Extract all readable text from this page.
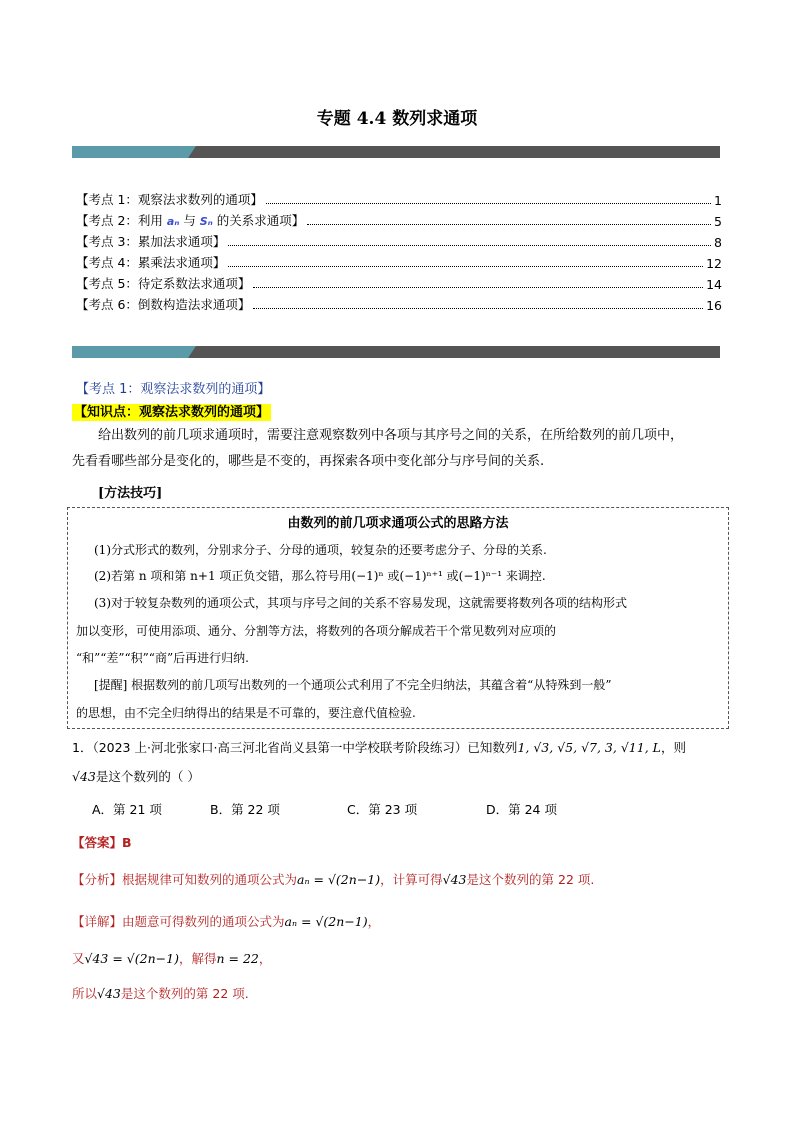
专题 4.4 数列求通项
【考点 1：观察法求数列的通项】	1
【考点 2：利用 aₙ 与 Sₙ 的关系求通项】	5
【考点 3：累加法求通项】	8
【考点 4：累乘法求通项】	12
【考点 5：待定系数法求通项】	14
【考点 6：倒数构造法求通项】	16
【考点 1：观察法求数列的通项】
【知识点：观察法求数列的通项】
给出数列的前几项求通项时，需要注意观察数列中各项与其序号之间的关系，在所给数列的前几项中，
先看看哪些部分是变化的，哪些是不变的，再探索各项中变化部分与序号间的关系.
[方法技巧]

由数列的前几项求通项公式的思路方法

(1)分式形式的数列，分别求分子、分母的通项，较复杂的还要考虑分子、分母的关系.

(2)若第 n 项和第 n+1 项正负交错，那么符号用(−1)ⁿ 或(−1)ⁿ⁺¹ 或(−1)ⁿ⁻¹ 来调控.

(3)对于较复杂数列的通项公式，其项与序号之间的关系不容易发现，这就需要将数列各项的结构形式

加以变形，可使用添项、通分、分割等方法，将数列的各项分解成若干个常见数列对应项的

“和”“差”“积”“商”后再进行归纳.

[提醒] 根据数列的前几项写出数列的一个通项公式利用了不完全归纳法，其蕴含着“从特殊到一般”

的思想，由不完全归纳得出的结果是不可靠的，要注意代值检验.

1．（2023 上·河北张家口·高三河北省尚义县第一中学校联考阶段练习）已知数列1, √3, √5, √7, 3, √11, L，则
√43是这个数列的（ ）
A．第 21 项	B．第 22 项	C．第 23 项	D．第 24 项
【答案】B
【分析】根据规律可知数列的通项公式为aₙ = √(2n−1)，计算可得√43是这个数列的第 22 项.
【详解】由题意可得数列的通项公式为aₙ = √(2n−1)，
又√43 = √(2n−1)，解得n = 22，
所以√43是这个数列的第 22 项.
